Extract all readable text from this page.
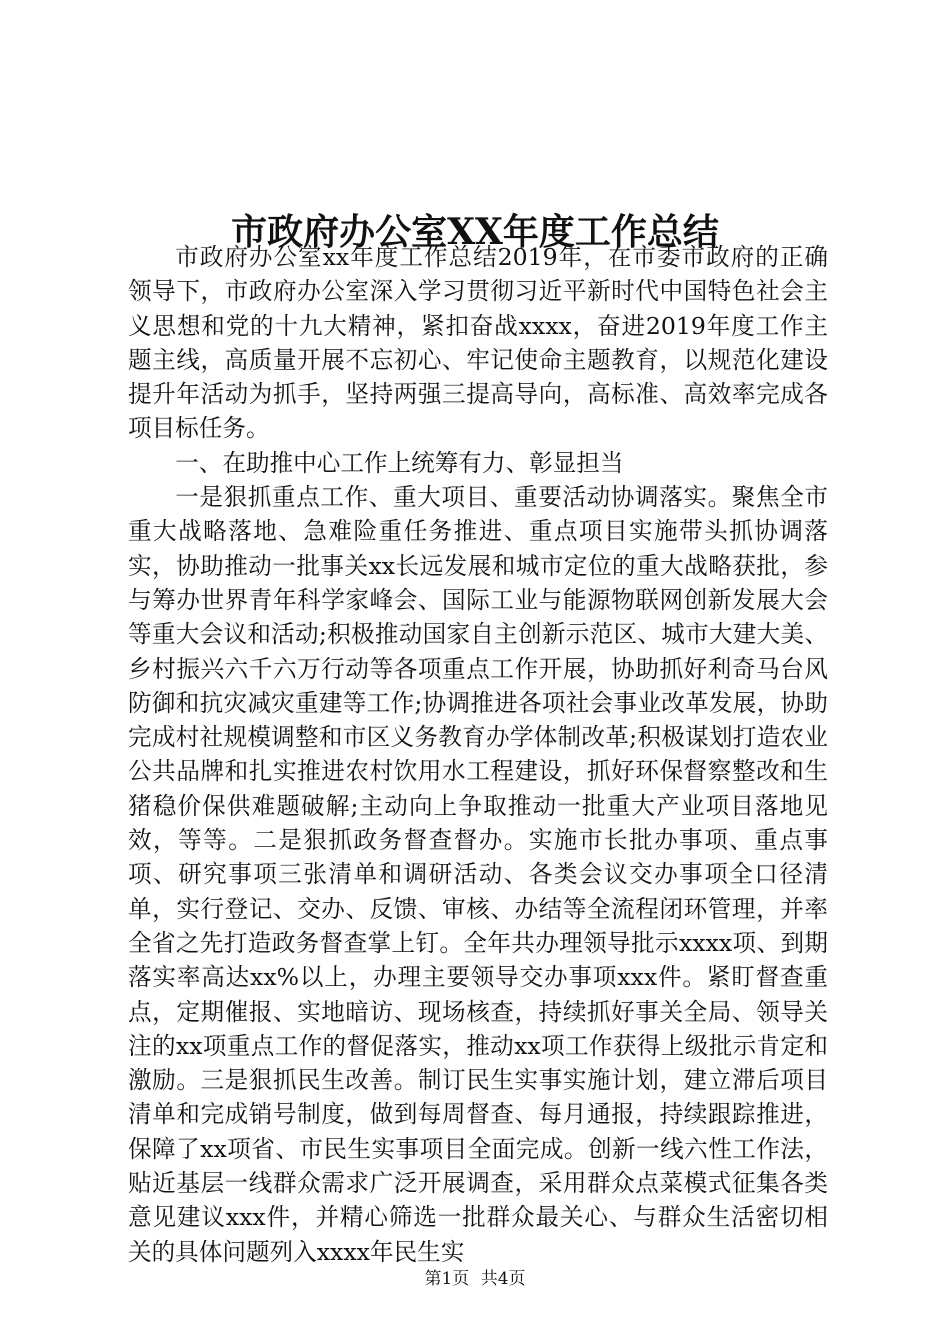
市政府办公室XX年度工作总结

市政府办公室xx年度工作总结2019年，在市委市政府的正确领导下，市政府办公室深入学习贯彻习近平新时代中国特色社会主义思想和党的十九大精神，紧扣奋战xxxx，奋进2019年度工作主题主线，高质量开展不忘初心、牢记使命主题教育，以规范化建设提升年活动为抓手，坚持两强三提高导向，高标准、高效率完成各项目标任务。

一、在助推中心工作上统筹有力、彰显担当

一是狠抓重点工作、重大项目、重要活动协调落实。聚焦全市重大战略落地、急难险重任务推进、重点项目实施带头抓协调落实，协助推动一批事关xx长远发展和城市定位的重大战略获批，参与筹办世界青年科学家峰会、国际工业与能源物联网创新发展大会等重大会议和活动;积极推动国家自主创新示范区、城市大建大美、乡村振兴六千六万行动等各项重点工作开展，协助抓好利奇马台风防御和抗灾减灾重建等工作;协调推进各项社会事业改革发展，协助完成村社规模调整和市区义务教育办学体制改革;积极谋划打造农业公共品牌和扎实推进农村饮用水工程建设，抓好环保督察整改和生猪稳价保供难题破解;主动向上争取推动一批重大产业项目落地见效，等等。二是狠抓政务督查督办。实施市长批办事项、重点事项、研究事项三张清单和调研活动、各类会议交办事项全口径清单，实行登记、交办、反馈、审核、办结等全流程闭环管理，并率全省之先打造政务督查掌上钉。全年共办理领导批示xxxx项、到期落实率高达xx%以上，办理主要领导交办事项xxx件。紧盯督查重点，定期催报、实地暗访、现场核查，持续抓好事关全局、领导关注的xx项重点工作的督促落实，推动xx项工作获得上级批示肯定和激励。三是狠抓民生改善。制订民生实事实施计划，建立滞后项目清单和完成销号制度，做到每周督查、每月通报，持续跟踪推进，保障了xx项省、市民生实事项目全面完成。创新一线六性工作法，贴近基层一线群众需求广泛开展调查，采用群众点菜模式征集各类意见建议xxx件，并精心筛选一批群众最关心、与群众生活密切相关的具体问题列入xxxx年民生实

第1页 共4页
